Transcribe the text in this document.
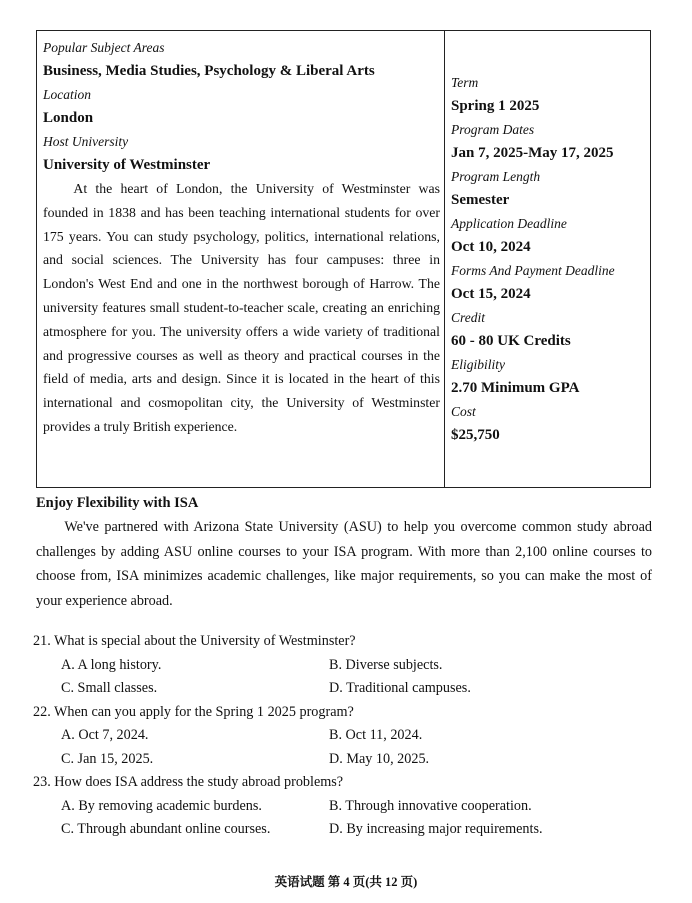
Popular Subject Areas
Business, Media Studies, Psychology & Liberal Arts
Location
London
Host University
University of Westminster

At the heart of London, the University of Westminster was founded in 1838 and has been teaching international students for over 175 years. You can study psychology, politics, international relations, and social sciences. The University has four campuses: three in London's West End and one in the northwest borough of Harrow. The university features small student-to-teacher scale, creating an enriching atmosphere for you. The university offers a wide variety of traditional and progressive courses as well as theory and practical courses in the field of media, arts and design. Since it is located in the heart of this international and cosmopolitan city, the University of Westminster provides a truly British experience.

Term
Spring 1 2025
Program Dates
Jan 7, 2025-May 17, 2025
Program Length
Semester
Application Deadline
Oct 10, 2024
Forms And Payment Deadline
Oct 15, 2024
Credit
60 - 80 UK Credits
Eligibility
2.70 Minimum GPA
Cost
$25,750
Enjoy Flexibility with ISA

We've partnered with Arizona State University (ASU) to help you overcome common study abroad challenges by adding ASU online courses to your ISA program. With more than 2,100 online courses to choose from, ISA minimizes academic challenges, like major requirements, so you can make the most of your experience abroad.

21. What is special about the University of Westminster?
A. A long history.	B. Diverse subjects.
C. Small classes.	D. Traditional campuses.
22. When can you apply for the Spring 1 2025 program?
A. Oct 7, 2024.	B. Oct 11, 2024.
C. Jan 15, 2025.	D. May 10, 2025.
23. How does ISA address the study abroad problems?
A. By removing academic burdens.	B. Through innovative cooperation.
C. Through abundant online courses.	D. By increasing major requirements.
英语试题 第 4 页(共 12 页)
